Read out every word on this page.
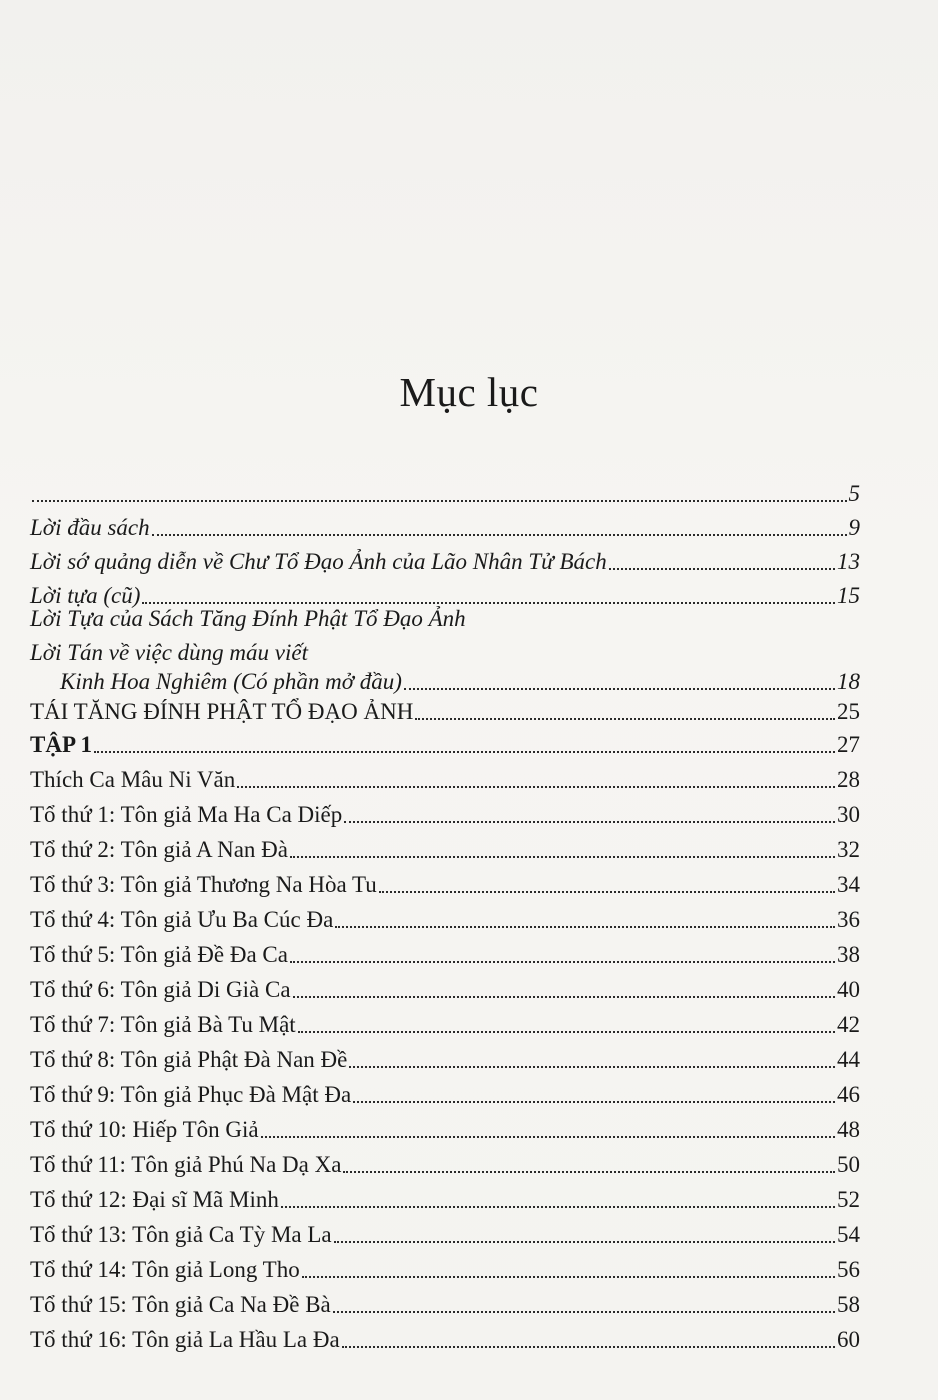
Mục lục
5
Lời đầu sách	9
Lời sớ quảng diễn về Chư Tổ Đạo Ảnh của Lão Nhân Tử Bách	13
Lời tựa (cũ)	15
Lời Tựa của Sách Tăng Đính Phật Tổ Đạo Ảnh
Lời Tán về việc dùng máu viết
Kinh Hoa Nghiêm (Có phần mở đầu)	18
TÁI TĂNG ĐÍNH PHẬT TỔ ĐẠO ẢNH	25
TẬP 1	27
Thích Ca Mâu Ni Văn	28
Tổ thứ 1: Tôn giả Ma Ha Ca Diếp	30
Tổ thứ 2: Tôn giả A Nan Đà	32
Tổ thứ 3: Tôn giả Thương Na Hòa Tu	34
Tổ thứ 4: Tôn giả Ưu Ba Cúc Đa	36
Tổ thứ 5: Tôn giả Đề Đa Ca	38
Tổ thứ 6: Tôn giả Di Già Ca	40
Tổ thứ 7: Tôn giả Bà Tu Mật	42
Tổ thứ 8: Tôn giả Phật Đà Nan Đề	44
Tổ thứ 9: Tôn giả Phục Đà Mật Đa	46
Tổ thứ 10: Hiếp Tôn Giả	48
Tổ thứ 11: Tôn giả Phú Na Dạ Xa	50
Tổ thứ 12: Đại sĩ Mã Minh	52
Tổ thứ 13: Tôn giả Ca Tỳ Ma La	54
Tổ thứ 14: Tôn giả Long Tho	56
Tổ thứ 15: Tôn giả Ca Na Đề Bà	58
Tổ thứ 16: Tôn giả La Hầu La Đa	60
